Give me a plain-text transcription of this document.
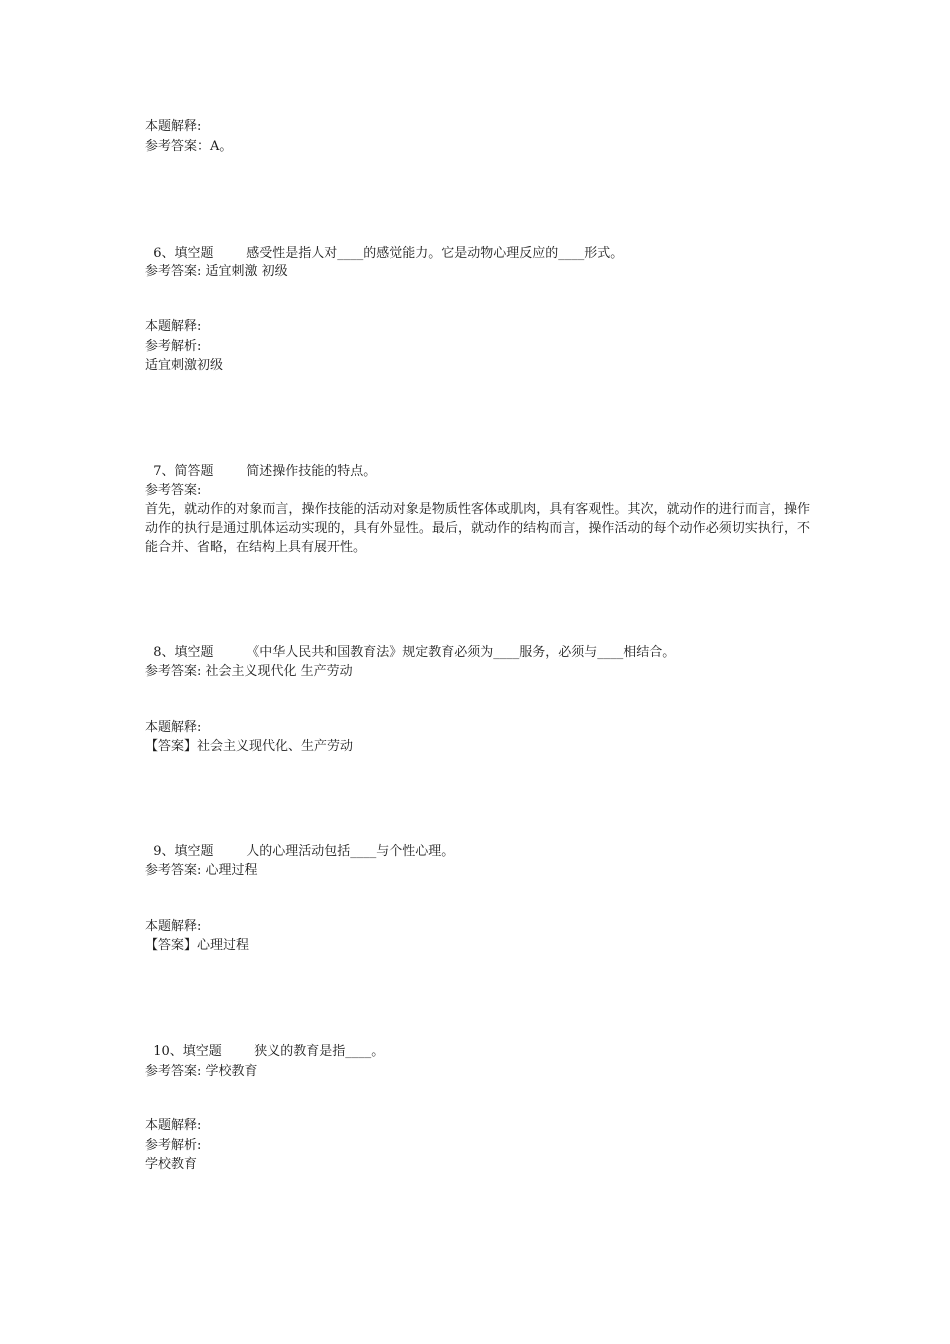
本题解释:
参考答案：A。

6、填空题	感受性是指人对____的感觉能力。它是动物心理反应的____形式。

参考答案: 适宜刺激 初级
本题解释:
参考解析:
适宜刺激初级

7、简答题	简述操作技能的特点。

参考答案:
首先，就动作的对象而言，操作技能的活动对象是物质性客体或肌肉，具有客观性。其次，就动作的进行而言，操作动作的执行是通过肌体运动实现的，具有外显性。最后，就动作的结构而言，操作活动的每个动作必须切实执行，不能合并、省略，在结构上具有展开性。

8、填空题	《中华人民共和国教育法》规定教育必须为____服务，必须与____相结合。

参考答案: 社会主义现代化 生产劳动
本题解释:
【答案】社会主义现代化、生产劳动

9、填空题	人的心理活动包括____与个性心理。

参考答案: 心理过程
本题解释:
【答案】心理过程

10、填空题 狭义的教育是指____。

参考答案: 学校教育
本题解释:
参考解析:
学校教育
